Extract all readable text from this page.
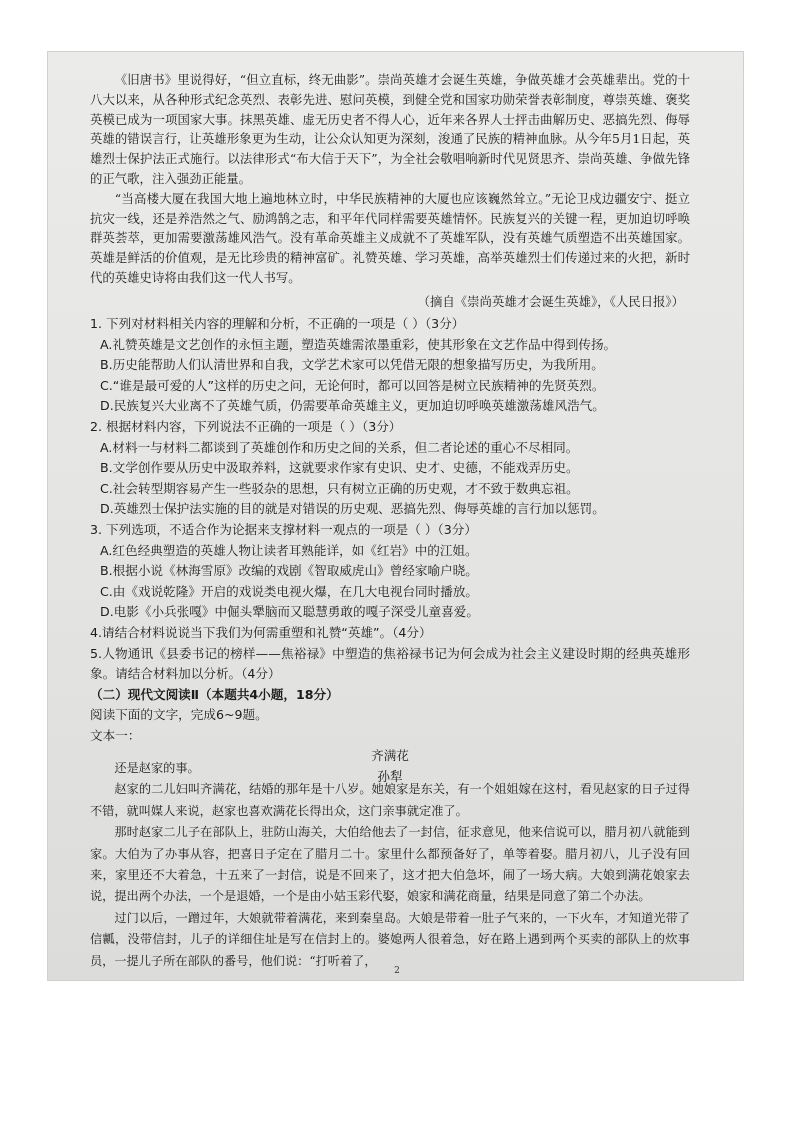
《旧唐书》里说得好，“但立直标，终无曲影”。崇尚英雄才会诞生英雄，争做英雄才会英雄辈出。党的十八大以来，从各种形式纪念英烈、表彰先进、慰问英模，到健全党和国家功勋荣誉表彰制度，尊崇英雄、褒奖英模已成为一项国家大事。抹黑英雄、虚无历史者不得人心，近年来各界人士抨击曲解历史、恶搞先烈、侮辱英雄的错误言行，让英雄形象更为生动，让公众认知更为深刻，浚通了民族的精神血脉。从今年5月1日起，英雄烈士保护法正式施行。以法律形式“布大信于天下”，为全社会敬唱响新时代见贤思齐、崇尚英雄、争做先锋的正气歌，注入强劲正能量。

“当高楼大厦在我国大地上遍地林立时，中华民族精神的大厦也应该巍然耸立。”无论卫戍边疆安宁、挺立抗灾一线，还是养浩然之气、励鸿鹄之志，和平年代同样需要英雄情怀。民族复兴的关键一程，更加迫切呼唤群英荟萃，更加需要激荡雄风浩气。没有革命英雄主义成就不了英雄军队，没有英雄气质塑造不出英雄国家。英雄是鲜活的价值观，是无比珍贵的精神富矿。礼赞英雄、学习英雄，高举英雄烈士们传递过来的火把，新时代的英雄史诗将由我们这一代人书写。

（摘自《崇尚英雄才会诞生英雄》，《人民日报》）

1. 下列对材料相关内容的理解和分析，不正确的一项是（ ）（3分）

A.礼赞英雄是文艺创作的永恒主题，塑造英雄需浓墨重彩，使其形象在文艺作品中得到传扬。

B.历史能帮助人们认清世界和自我，文学艺术家可以凭借无限的想象描写历史，为我所用。

C.“谁是最可爱的人”这样的历史之问，无论何时，都可以回答是树立民族精神的先贤英烈。

D.民族复兴大业离不了英雄气质，仍需要革命英雄主义，更加迫切呼唤英雄激荡雄风浩气。

2. 根据材料内容，下列说法不正确的一项是（ ）（3分）

A.材料一与材料二都谈到了英雄创作和历史之间的关系，但二者论述的重心不尽相同。

B.文学创作要从历史中汲取养料，这就要求作家有史识、史才、史德，不能戏弄历史。

C.社会转型期容易产生一些驳杂的思想，只有树立正确的历史观，才不致于数典忘祖。

D.英雄烈士保护法实施的目的就是对错误的历史观、恶搞先烈、侮辱英雄的言行加以惩罚。

3. 下列选项，不适合作为论据来支撑材料一观点的一项是（ ）（3分）

A.红色经典塑造的英雄人物让读者耳熟能详，如《红岩》中的江姐。

B.根据小说《林海雪原》改编的戏剧《智取威虎山》曾经家喻户晓。

C.由《戏说乾隆》开启的戏说类电视火爆，在几大电视台同时播放。

D.电影《小兵张嘎》中倔头犟脑而又聪慧勇敢的嘎子深受儿童喜爱。

4.请结合材料说说当下我们为何需重塑和礼赞“英雄”。（4分）

5.人物通讯《县委书记的榜样——焦裕禄》中塑造的焦裕禄书记为何会成为社会主义建设时期的经典英雄形象。请结合材料加以分析。（4分）

（二）现代文阅读Ⅱ（本题共4小题，18分）

阅读下面的文字，完成6~9题。

文本一：

齐满花

孙犁

还是赵家的事。

赵家的二儿妇叫齐满花，结婚的那年是十八岁。她娘家是东关，有一个姐姐嫁在这村，看见赵家的日子过得不错，就叫媒人来说，赵家也喜欢满花长得出众，这门亲事就定准了。

那时赵家二儿子在部队上，驻防山海关，大伯给他去了一封信，征求意见，他来信说可以，腊月初八就能到家。大伯为了办事从容，把喜日子定在了腊月二十。家里什么都预备好了，单等着娶。腊月初八，儿子没有回来，家里还不大着急，十五来了一封信，说是不回来了，这才把大伯急坏，闹了一场大病。大娘到满花娘家去说，提出两个办法，一个是退婚，一个是由小姑玉彩代娶，娘家和满花商量，结果是同意了第二个办法。

过门以后，一蹭过年，大娘就带着满花，来到秦皇岛。大娘是带着一肚子气来的，一下火车，才知道光带了信瓤，没带信封，儿子的详细住址是写在信封上的。婆媳两人很着急，好在路上遇到两个买卖的部队上的炊事员，一提儿子所在部队的番号，他们说：“打听着了，

2
